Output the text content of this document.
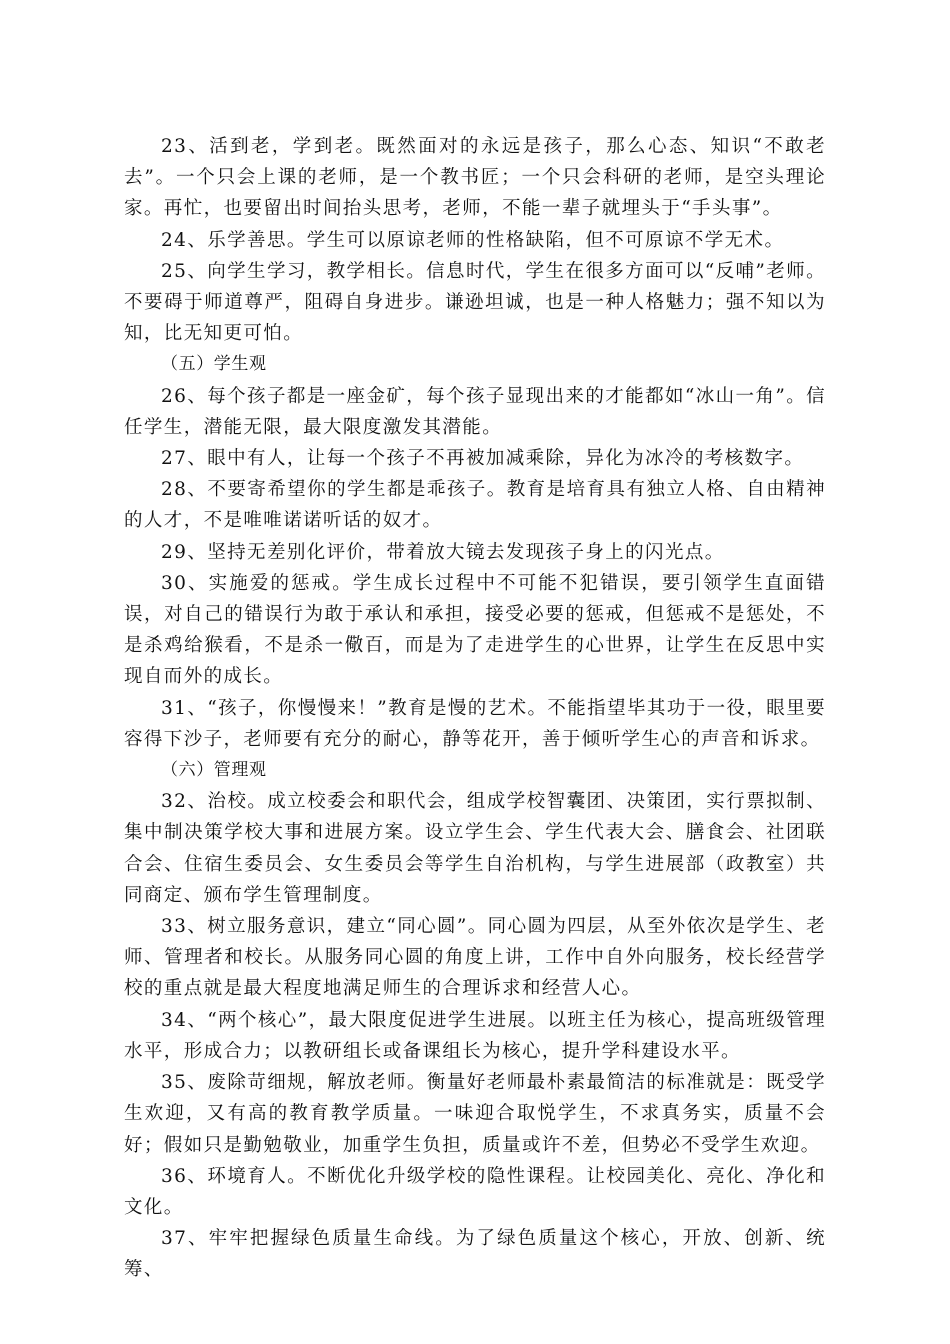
23、活到老，学到老。既然面对的永远是孩子，那么心态、知识“不敢老去”。一个只会上课的老师，是一个教书匠；一个只会科研的老师，是空头理论家。再忙，也要留出时间抬头思考，老师，不能一辈子就埋头于“手头事”。

24、乐学善思。学生可以原谅老师的性格缺陷，但不可原谅不学无术。

25、向学生学习，教学相长。信息时代，学生在很多方面可以“反哺”老师。不要碍于师道尊严，阻碍自身进步。谦逊坦诚，也是一种人格魅力；强不知以为知，比无知更可怕。

（五）学生观

26、每个孩子都是一座金矿，每个孩子显现出来的才能都如“冰山一角”。信任学生，潜能无限，最大限度激发其潜能。

27、眼中有人，让每一个孩子不再被加减乘除，异化为冰冷的考核数字。

28、不要寄希望你的学生都是乖孩子。教育是培育具有独立人格、自由精神的人才，不是唯唯诺诺听话的奴才。

29、坚持无差别化评价，带着放大镜去发现孩子身上的闪光点。

30、实施爱的惩戒。学生成长过程中不可能不犯错误，要引领学生直面错误，对自己的错误行为敢于承认和承担，接受必要的惩戒，但惩戒不是惩处，不是杀鸡给猴看，不是杀一儆百，而是为了走进学生的心世界，让学生在反思中实现自而外的成长。

31、“孩子，你慢慢来！”教育是慢的艺术。不能指望毕其功于一役，眼里要容得下沙子，老师要有充分的耐心，静等花开，善于倾听学生心的声音和诉求。

（六）管理观

32、治校。成立校委会和职代会，组成学校智囊团、决策团，实行票拟制、集中制决策学校大事和进展方案。设立学生会、学生代表大会、膳食会、社团联合会、住宿生委员会、女生委员会等学生自治机构，与学生进展部（政教室）共同商定、颁布学生管理制度。

33、树立服务意识，建立“同心圆”。同心圆为四层，从至外依次是学生、老师、管理者和校长。从服务同心圆的角度上讲，工作中自外向服务，校长经营学校的重点就是最大程度地满足师生的合理诉求和经营人心。

34、“两个核心”，最大限度促进学生进展。以班主任为核心，提高班级管理水平，形成合力；以教研组长或备课组长为核心，提升学科建设水平。

35、废除苛细规，解放老师。衡量好老师最朴素最简洁的标准就是：既受学生欢迎，又有高的教育教学质量。一味迎合取悦学生，不求真务实，质量不会好；假如只是勤勉敬业，加重学生负担，质量或许不差，但势必不受学生欢迎。

36、环境育人。不断优化升级学校的隐性课程。让校园美化、亮化、净化和文化。

37、牢牢把握绿色质量生命线。为了绿色质量这个核心，开放、创新、统筹、
